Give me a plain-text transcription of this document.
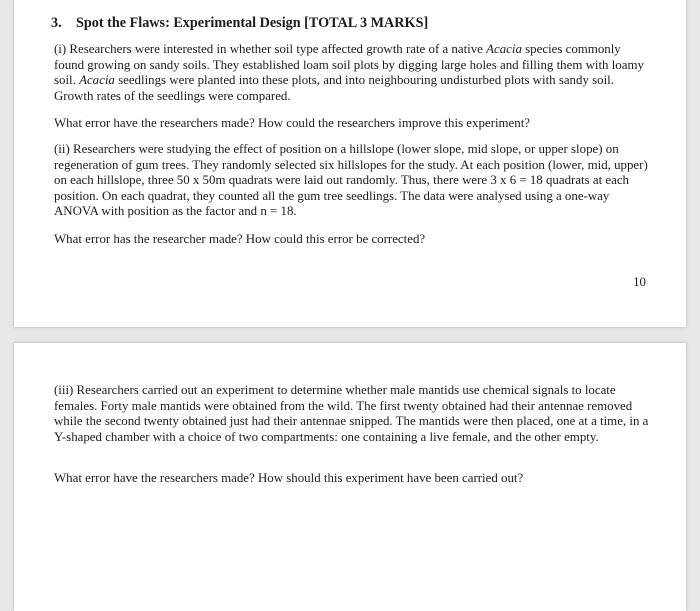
3. Spot the Flaws: Experimental Design [TOTAL 3 MARKS]

(i) Researchers were interested in whether soil type affected growth rate of a native Acacia species commonly found growing on sandy soils. They established loam soil plots by digging large holes and filling them with loamy soil. Acacia seedlings were planted into these plots, and into neighbouring undisturbed plots with sandy soil. Growth rates of the seedlings were compared.

What error have the researchers made? How could the researchers improve this experiment?

(ii) Researchers were studying the effect of position on a hillslope (lower slope, mid slope, or upper slope) on regeneration of gum trees. They randomly selected six hillslopes for the study. At each position (lower, mid, upper) on each hillslope, three 50 x 50m quadrats were laid out randomly. Thus, there were 3 x 6 = 18 quadrats at each position. On each quadrat, they counted all the gum tree seedlings. The data were analysed using a one-way ANOVA with position as the factor and n = 18.

What error has the researcher made? How could this error be corrected?

10

(iii) Researchers carried out an experiment to determine whether male mantids use chemical signals to locate females. Forty male mantids were obtained from the wild. The first twenty obtained had their antennae removed while the second twenty obtained just had their antennae snipped. The mantids were then placed, one at a time, in a Y-shaped chamber with a choice of two compartments: one containing a live female, and the other empty.

What error have the researchers made? How should this experiment have been carried out?
